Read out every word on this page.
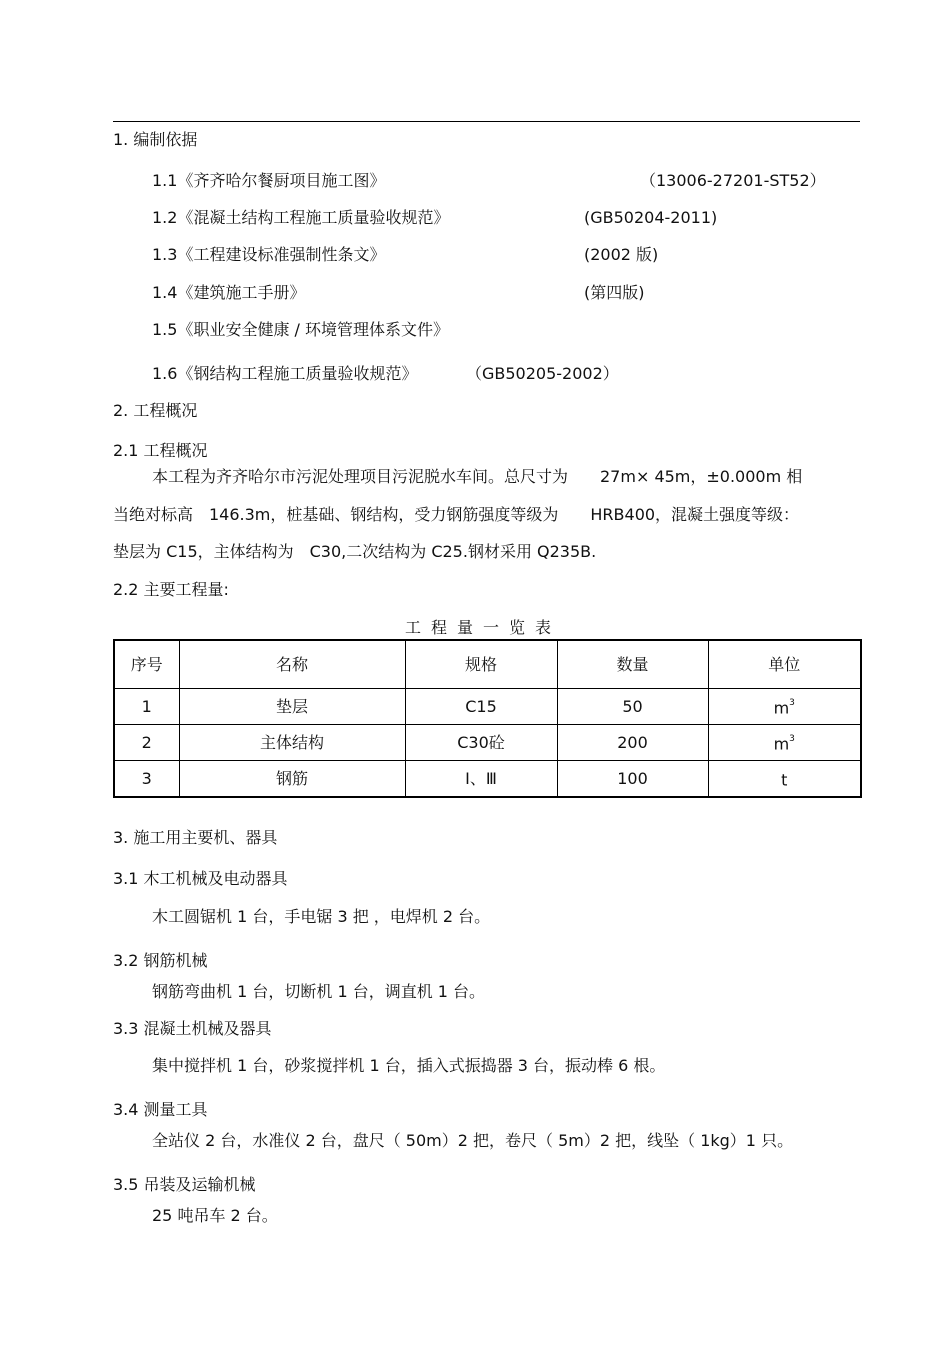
1. 编制依据
1.1《齐齐哈尔餐厨项目施工图》	（13006-27201-ST52）
1.2《混凝土结构工程施工质量验收规范》	(GB50204-2011)
1.3《工程建设标准强制性条文》	(2002 版)
1.4《建筑施工手册》	(第四版)
1.5《职业安全健康 / 环境管理体系文件》
1.6《钢结构工程施工质量验收规范》	（GB50205-2002）
2. 工程概况
2.1 工程概况
本工程为齐齐哈尔市污泥处理项目污泥脱水车间。总尺寸为　　27m× 45m，±0.000m 相
当绝对标高　146.3m，桩基础、钢结构，受力钢筋强度等级为　　HRB400，混凝土强度等级：
垫层为 C15，主体结构为　C30,二次结构为 C25.钢材采用 Q235B.
2.2 主要工程量:
工程量一览表
序号	名称	规格	数量	单位
1	垫层	C15	50	$m^3$
2	主体结构	C30砼	200	$m^3$
3	钢筋	Ⅰ、Ⅲ	100	t
3. 施工用主要机、器具
3.1 木工机械及电动器具
木工圆锯机 1 台，手电锯 3 把 ，电焊机 2 台。
3.2 钢筋机械
钢筋弯曲机 1 台，切断机 1 台，调直机 1 台。
3.3 混凝土机械及器具
集中搅拌机 1 台，砂浆搅拌机 1 台，插入式振捣器 3 台，振动棒 6 根。
3.4 测量工具
全站仪 2 台，水准仪 2 台，盘尺（ 50m）2 把，卷尺（ 5m）2 把，线坠（ 1kg）1 只。
3.5 吊装及运输机械
25 吨吊车 2 台。
